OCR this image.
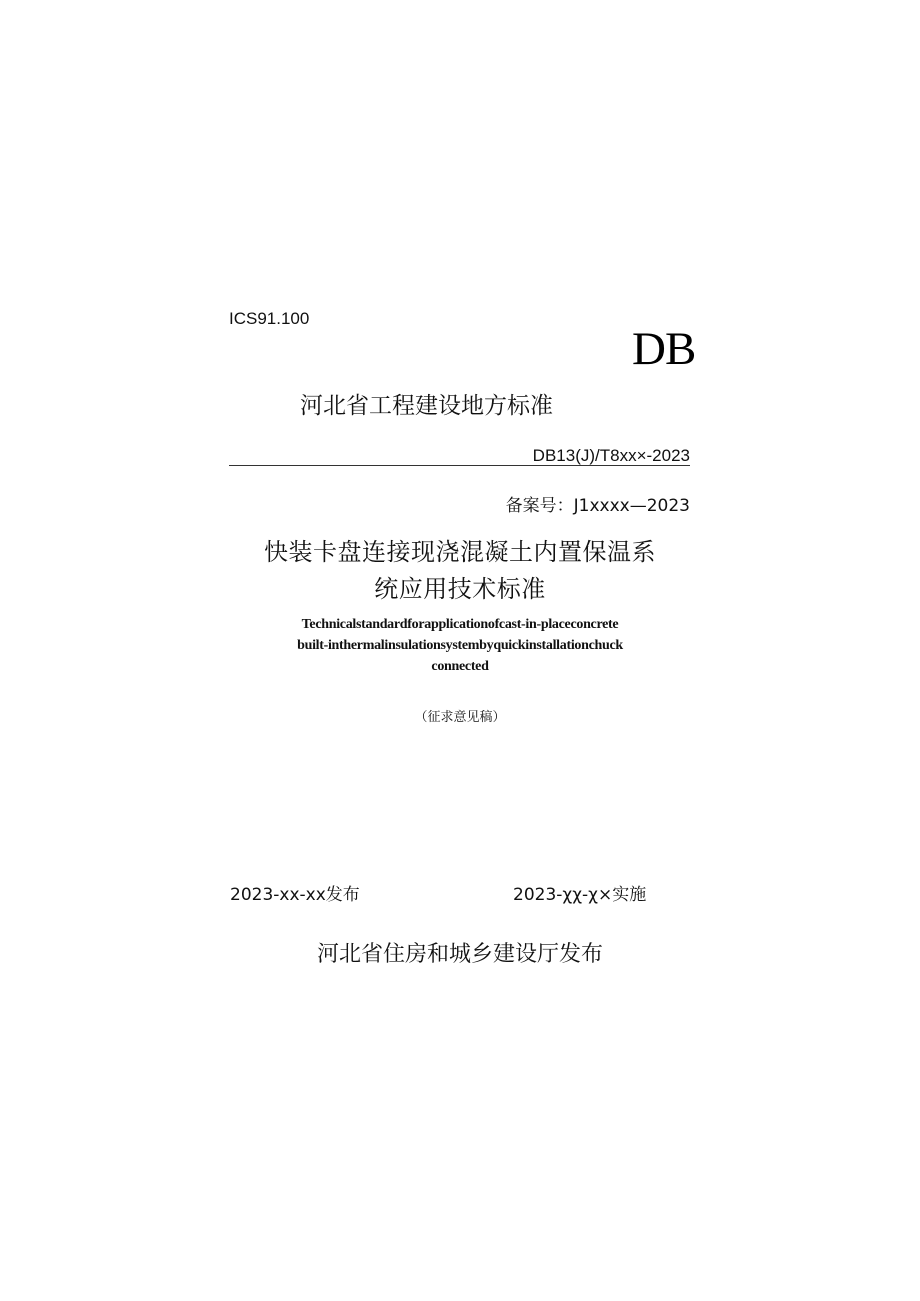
ICS91.100
DB
河北省工程建设地方标准
DB13(J)/T8xx×-2023
备案号：J1xxxx—2023
快装卡盘连接现浇混凝土内置保温系
统应用技术标准
Technicalstandardforapplicationofcast-in-placeconcrete
built-inthermalinsulationsystembyquickinstallationchuck
connected
（征求意见稿）
2023-xx-xx发布	2023-χχ-χ×实施
河北省住房和城乡建设厅发布
